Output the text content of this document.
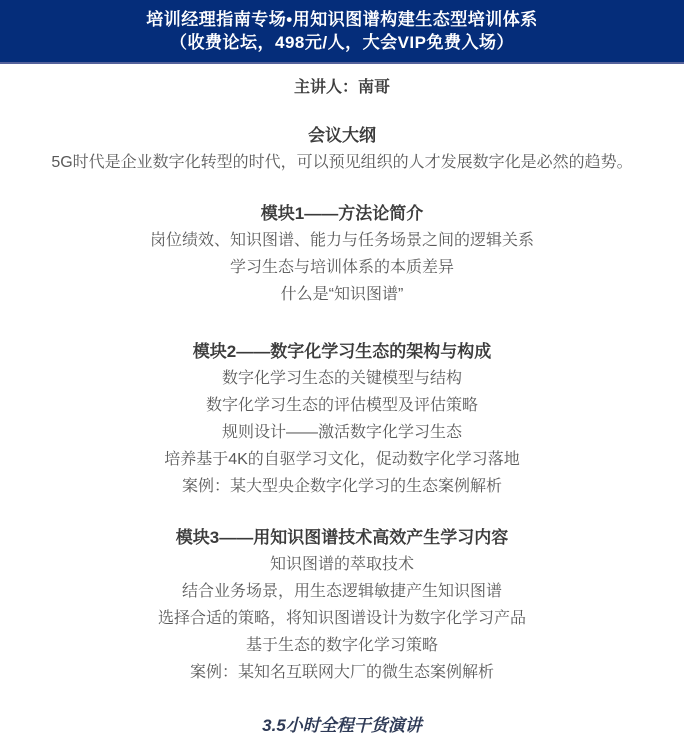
培训经理指南专场•用知识图谱构建生态型培训体系
（收费论坛，498元/人，大会VIP免费入场）
主讲人：南哥
会议大纲
5G时代是企业数字化转型的时代，可以预见组织的人才发展数字化是必然的趋势。
模块1——方法论简介
岗位绩效、知识图谱、能力与任务场景之间的逻辑关系
学习生态与培训体系的本质差异
什么是“知识图谱”
模块2——数字化学习生态的架构与构成
数字化学习生态的关键模型与结构
数字化学习生态的评估模型及评估策略
规则设计——激活数字化学习生态
培养基于4K的自驱学习文化，促动数字化学习落地
案例：某大型央企数字化学习的生态案例解析
模块3——用知识图谱技术高效产生学习内容
知识图谱的萃取技术
结合业务场景，用生态逻辑敏捷产生知识图谱
选择合适的策略，将知识图谱设计为数字化学习产品
基于生态的数字化学习策略
案例：某知名互联网大厂的微生态案例解析
3.5小时全程干货演讲
